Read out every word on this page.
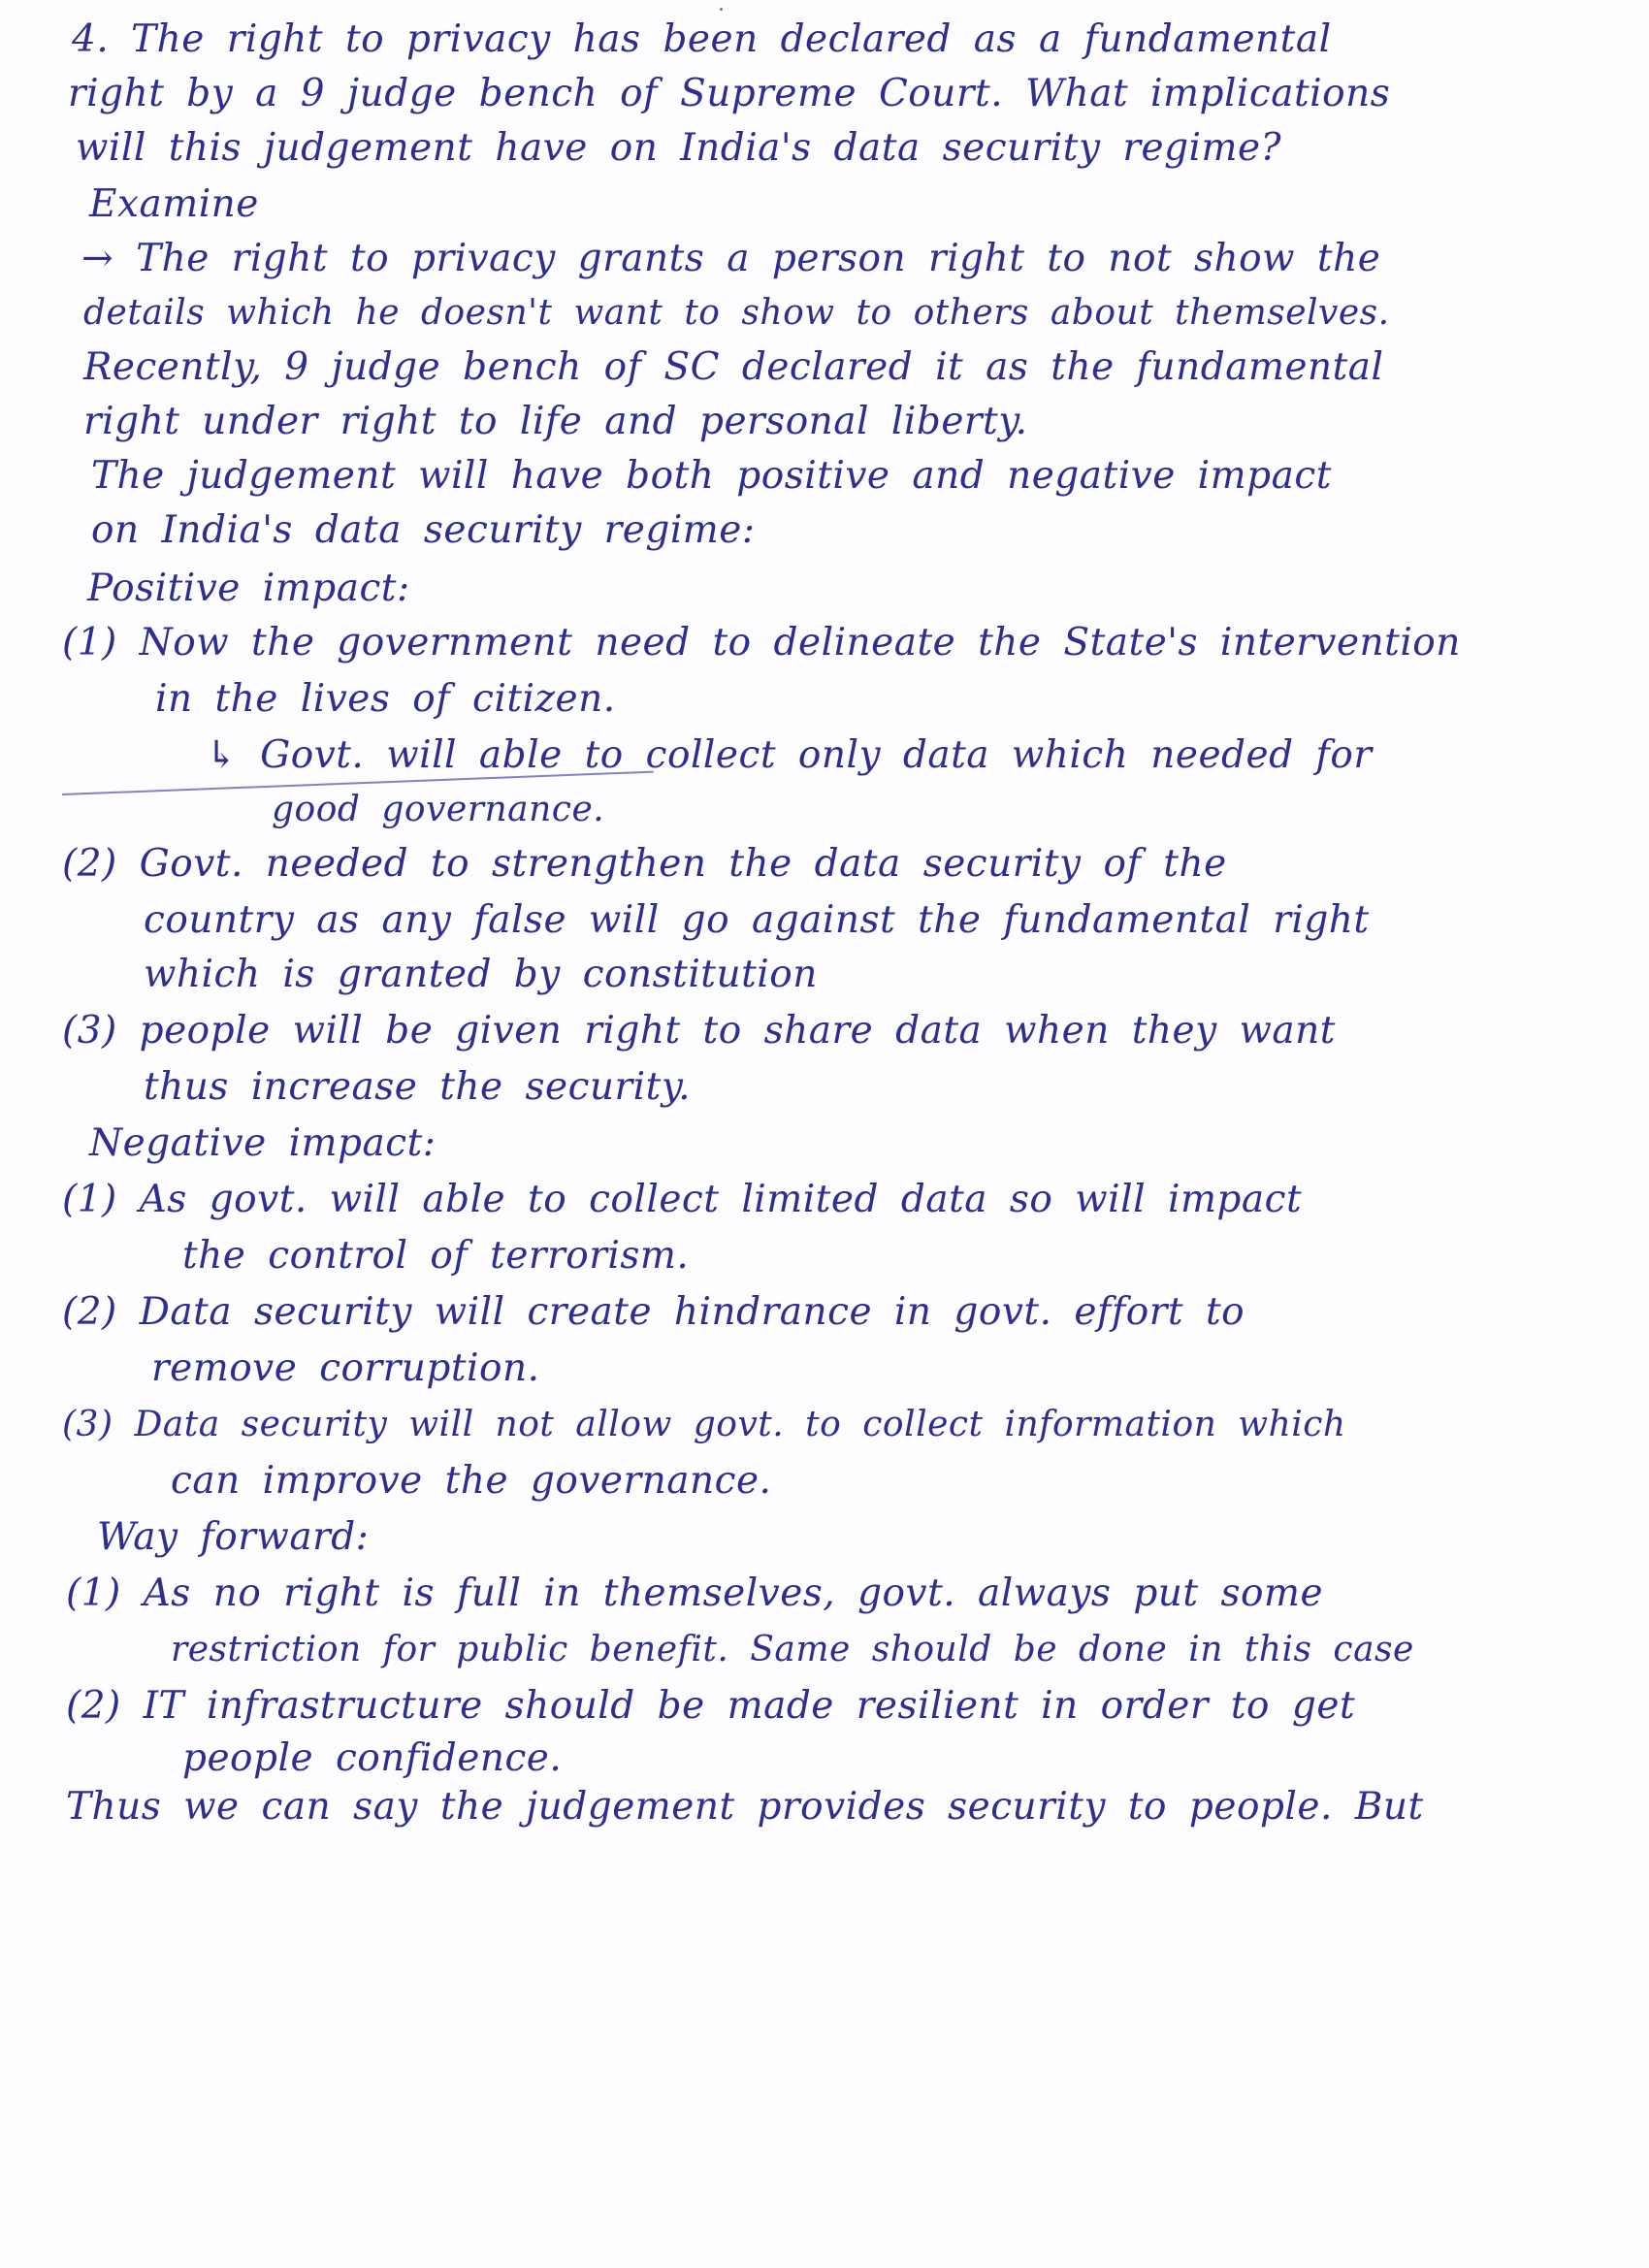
4. The right to privacy has been declared as a fundamental
right by a 9 judge bench of Supreme Court. What implications
will this judgement have on India's data security regime?
Examine
→ The right to privacy grants a person right to not show the
details which he doesn't want to show to others about themselves.
Recently, 9 judge bench of SC declared it as the fundamental
right under right to life and personal liberty.
The judgement will have both positive and negative impact
on India's data security regime:
Positive impact:
(1) Now the government need to delineate the State's intervention
in the lives of citizen.
↳ Govt. will able to collect only data which needed for
good governance.
(2) Govt. needed to strengthen the data security of the
country as any false will go against the fundamental right
which is granted by constitution
(3) people will be given right to share data when they want
thus increase the security.
Negative impact:
(1) As govt. will able to collect limited data so will impact
the control of terrorism.
(2) Data security will create hindrance in govt. effort to
remove corruption.
(3) Data security will not allow govt. to collect information which
can improve the governance.
Way forward:
(1) As no right is full in themselves, govt. always put some
restriction for public benefit. Same should be done in this case
(2) IT infrastructure should be made resilient in order to get
people confidence.
Thus we can say the judgement provides security to people. But
